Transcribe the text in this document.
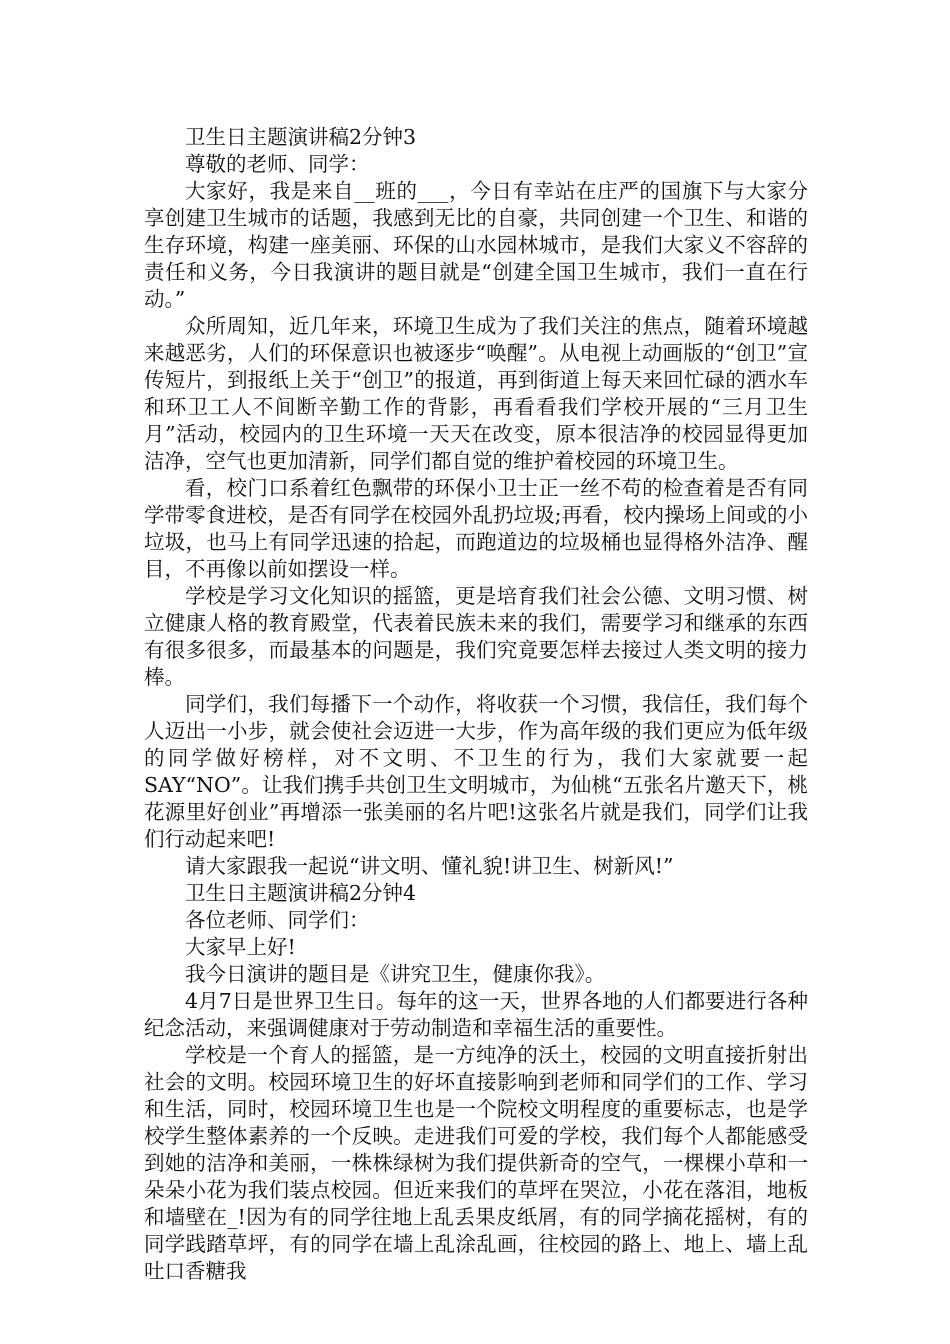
卫生日主题演讲稿2分钟3

尊敬的老师、同学：

大家好，我是来自__班的___，今日有幸站在庄严的国旗下与大家分享创建卫生城市的话题，我感到无比的自豪，共同创建一个卫生、和谐的生存环境，构建一座美丽、环保的山水园林城市，是我们大家义不容辞的责任和义务，今日我演讲的题目就是“创建全国卫生城市，我们一直在行动。”

众所周知，近几年来，环境卫生成为了我们关注的焦点，随着环境越来越恶劣，人们的环保意识也被逐步“唤醒”。从电视上动画版的“创卫”宣传短片，到报纸上关于“创卫”的报道，再到街道上每天来回忙碌的洒水车和环卫工人不间断辛勤工作的背影，再看看我们学校开展的“三月卫生月”活动，校园内的卫生环境一天天在改变，原本很洁净的校园显得更加洁净，空气也更加清新，同学们都自觉的维护着校园的环境卫生。

看，校门口系着红色飘带的环保小卫士正一丝不苟的检查着是否有同学带零食进校，是否有同学在校园外乱扔垃圾;再看，校内操场上间或的小垃圾，也马上有同学迅速的拾起，而跑道边的垃圾桶也显得格外洁净、醒目，不再像以前如摆设一样。

学校是学习文化知识的摇篮，更是培育我们社会公德、文明习惯、树立健康人格的教育殿堂，代表着民族未来的我们，需要学习和继承的东西有很多很多，而最基本的问题是，我们究竟要怎样去接过人类文明的接力棒。

同学们，我们每播下一个动作，将收获一个习惯，我信任，我们每个人迈出一小步，就会使社会迈进一大步，作为高年级的我们更应为低年级的同学做好榜样，对不文明、不卫生的行为，我们大家就要一起SAY“NO”。让我们携手共创卫生文明城市，为仙桃“五张名片邀天下，桃花源里好创业”再增添一张美丽的名片吧!这张名片就是我们，同学们让我们行动起来吧!

请大家跟我一起说“讲文明、懂礼貌!讲卫生、树新风!”

卫生日主题演讲稿2分钟4

各位老师、同学们：

大家早上好!

我今日演讲的题目是《讲究卫生，健康你我》。

4月7日是世界卫生日。每年的这一天，世界各地的人们都要进行各种纪念活动，来强调健康对于劳动制造和幸福生活的重要性。

学校是一个育人的摇篮，是一方纯净的沃土，校园的文明直接折射出社会的文明。校园环境卫生的好坏直接影响到老师和同学们的工作、学习和生活，同时，校园环境卫生也是一个院校文明程度的重要标志，也是学校学生整体素养的一个反映。走进我们可爱的学校，我们每个人都能感受到她的洁净和美丽，一株株绿树为我们提供新奇的空气，一棵棵小草和一朵朵小花为我们装点校园。但近来我们的草坪在哭泣，小花在落泪，地板和墙壁在_!因为有的同学往地上乱丢果皮纸屑，有的同学摘花摇树，有的同学践踏草坪，有的同学在墙上乱涂乱画，往校园的路上、地上、墙上乱吐口香糖我
